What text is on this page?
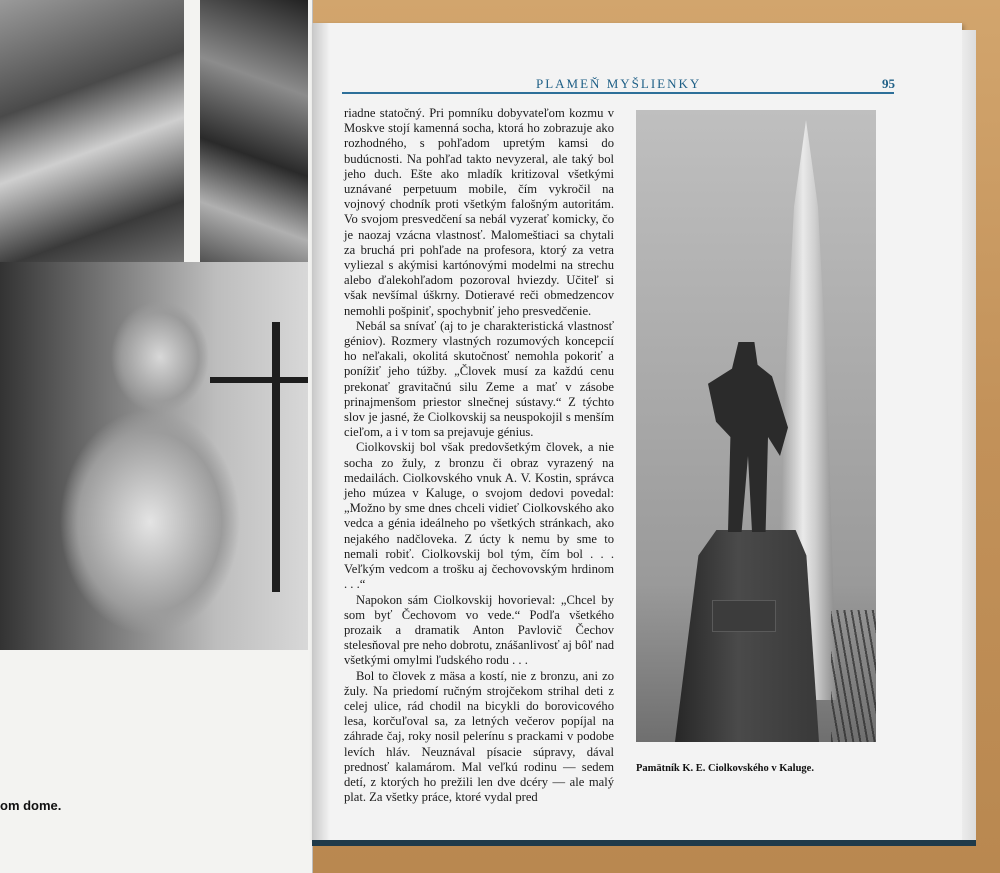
om dome.
PLAMEŇ MYŠLIENKY	95

riadne statočný. Pri pomníku dobyvateľom kozmu v Moskve stojí kamenná socha, ktorá ho zobrazuje ako rozhodného, s pohľadom upretým kamsi do budúcnosti. Na pohľad takto nevyzeral, ale taký bol jeho duch. Ešte ako mladík kritizoval všetkými uznávané perpetuum mobile, čím vykročil na vojnový chodník proti všetkým falošným autoritám. Vo svojom presvedčení sa nebál vyzerať komicky, čo je naozaj vzácna vlastnosť. Malomeštiaci sa chytali za bruchá pri pohľade na profesora, ktorý za vetra vyliezal s akýmisi kartónovými modelmi na strechu alebo ďalekohľadom pozoroval hviezdy. Učiteľ si však nevšímal úškrny. Dotieravé reči obmedzencov nemohli pošpiniť, spochybniť jeho presvedčenie.

Nebál sa snívať (aj to je charakteristická vlastnosť géniov). Rozmery vlastných rozumových koncepcií ho neľakali, okolitá skutočnosť nemohla pokoriť a ponížiť jeho túžby. „Človek musí za každú cenu prekonať gravitačnú silu Zeme a mať v zásobe prinajmenšom priestor slnečnej sústavy.“ Z týchto slov je jasné, že Ciolkovskij sa neuspokojil s menším cieľom, a i v tom sa prejavuje génius.

Ciolkovskij bol však predovšetkým človek, a nie socha zo žuly, z bronzu či obraz vyrazený na medailách. Ciolkovského vnuk A. V. Kostin, správca jeho múzea v Kaluge, o svojom dedovi povedal: „Možno by sme dnes chceli vidieť Ciolkovského ako vedca a génia ideálneho po všetkých stránkach, ako nejakého nadčloveka. Z úcty k nemu by sme to nemali robiť. Ciolkovskij bol tým, čím bol . . . Veľkým vedcom a trošku aj čechovovským hrdinom . . .“

Napokon sám Ciolkovskij hovorieval: „Chcel by som byť Čechovom vo vede.“ Podľa všetkého prozaik a dramatik Anton Pavlovič Čechov stelesňoval pre neho dobrotu, znášanlivosť aj bôľ nad všetkými omylmi ľudského rodu . . .

Bol to človek z mäsa a kostí, nie z bronzu, ani zo žuly. Na priedomí ručným strojčekom strihal deti z celej ulice, rád chodil na bicykli do borovicového lesa, korčuľoval sa, za letných večerov popíjal na záhrade čaj, roky nosil pelerínu s prackami v podobe levích hláv. Neuznával písacie súpravy, dával prednosť kalamárom. Mal veľkú rodinu — sedem detí, z ktorých ho prežili len dve dcéry — ale malý plat. Za všetky práce, ktoré vydal pred

Pamätník K. E. Ciolkovského v Kaluge.
